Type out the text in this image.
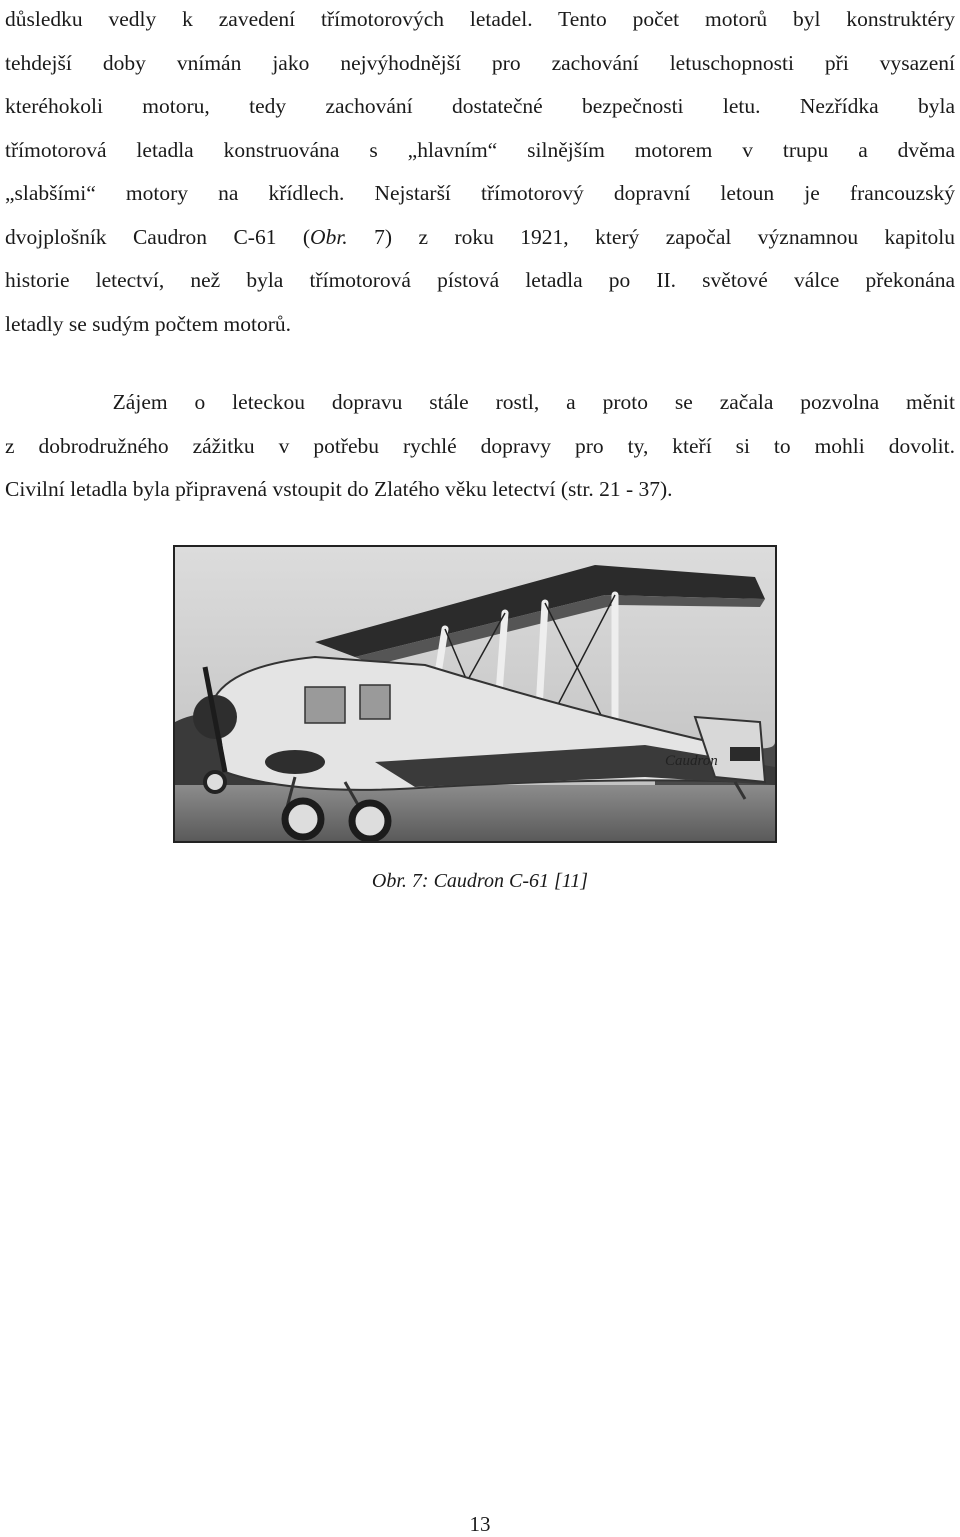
důsledku vedly k zavedení třímotorových letadel. Tento počet motorů byl konstruktéry
tehdejší doby vnímán jako nejvýhodnější pro zachování letuschopnosti při vysazení
kteréhokoli motoru, tedy zachování dostatečné bezpečnosti letu. Nezřídka byla
třímotorová letadla konstruována s „hlavním“ silnějším motorem v trupu a dvěma
„slabšími“ motory na křídlech. Nejstarší třímotorový dopravní letoun je francouzský
dvojplošník Caudron C-61 (Obr. 7) z roku 1921, který započal významnou kapitolu
historie letectví, než byla třímotorová pístová letadla po II. světové válce překonána
letadly se sudým počtem motorů.
Zájem o leteckou dopravu stále rostl, a proto se začala pozvolna měnit
z dobrodružného zážitku v potřebu rychlé dopravy pro ty, kteří si to mohli dovolit.
Civilní letadla byla připravená vstoupit do Zlatého věku letectví (str. 21 - 37).
Caudron

Obr. 7: Caudron C-61 [11]

13
